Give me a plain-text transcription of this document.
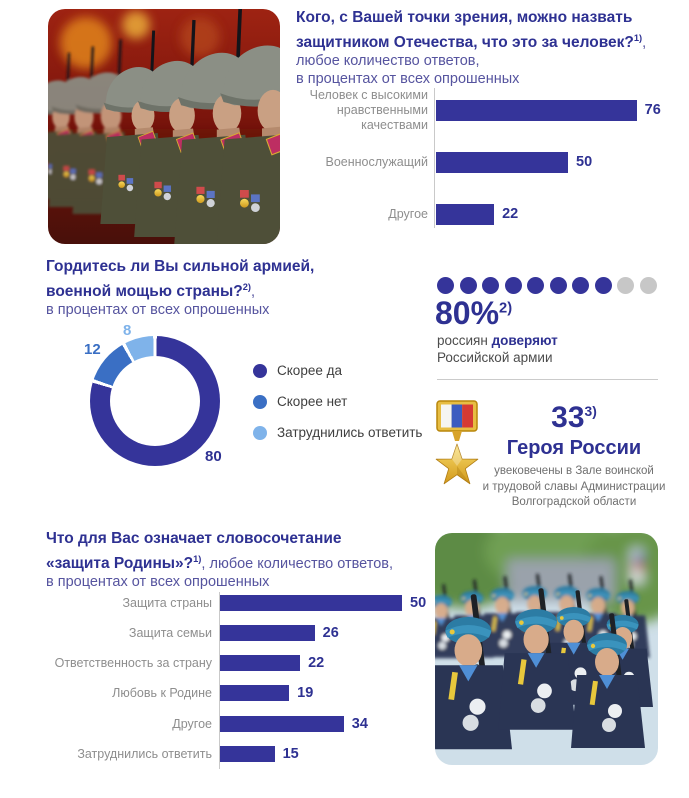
Кого, с Вашей точки зрения, можно назвать
защитником Отечества, что это за человек?$^{1)}$,
любое количество ответов,
в процентах от всех опрошенных
Человек с высокими нравственными качествами
76
Военнослужащий	50
Другое	22
Гордитесь ли Вы сильной армией,
военной мощью страны?$^{2)}$,
в процентах от всех опрошенных
80
12
8
Скорее да
Скорее нет
Затруднились ответить
80%$^{2)}$
россиян доверяют
Российской армии
33$^{3)}$
Героя России
увековечены в Зале воинской
и трудовой славы Администрации
Волгоградской области
Что для Вас означает словосочетание
«защита Родины»?$^{1)}$, любое количество ответов,
в процентах от всех опрошенных
Защита страны	50
Защита семьи	26
Ответственность за страну	22
Любовь к Родине	19
Другое	34
Затруднились ответить	15
